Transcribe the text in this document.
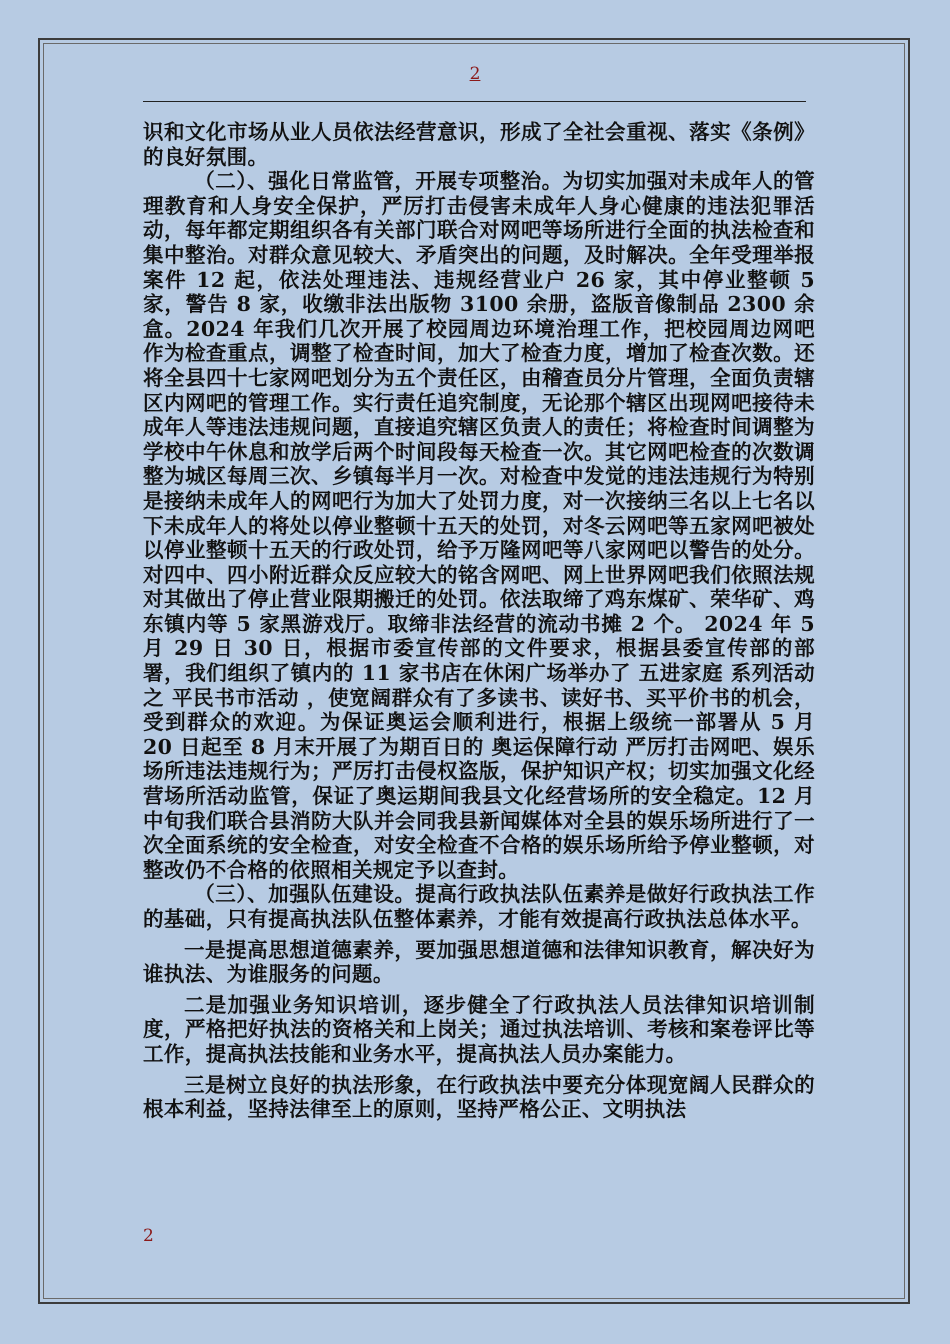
2

识和文化市场从业人员依法经营意识，形成了全社会重视、落实《条例》的良好氛围。

（二）、强化日常监管，开展专项整治。为切实加强对未成年人的管理教育和人身安全保护，严厉打击侵害未成年人身心健康的违法犯罪活动，每年都定期组织各有关部门联合对网吧等场所进行全面的执法检查和集中整治。对群众意见较大、矛盾突出的问题，及时解决。全年受理举报案件 12 起，依法处理违法、违规经营业户 26 家，其中停业整顿 5 家，警告 8 家，收缴非法出版物 3100 余册，盗版音像制品 2300 余盒。2024 年我们几次开展了校园周边环境治理工作，把校园周边网吧作为检查重点，调整了检查时间，加大了检查力度，增加了检查次数。还将全县四十七家网吧划分为五个责任区，由稽查员分片管理，全面负责辖区内网吧的管理工作。实行责任追究制度，无论那个辖区出现网吧接待未成年人等违法违规问题，直接追究辖区负责人的责任；将检查时间调整为学校中午休息和放学后两个时间段每天检查一次。其它网吧检查的次数调整为城区每周三次、乡镇每半月一次。对检查中发觉的违法违规行为特别是接纳未成年人的网吧行为加大了处罚力度，对一次接纳三名以上七名以下未成年人的将处以停业整顿十五天的处罚，对冬云网吧等五家网吧被处以停业整顿十五天的行政处罚，给予万隆网吧等八家网吧以警告的处分。对四中、四小附近群众反应较大的铭含网吧、网上世界网吧我们依照法规对其做出了停止营业限期搬迁的处罚。依法取缔了鸡东煤矿、荣华矿、鸡东镇内等 5 家黑游戏厅。取缔非法经营的流动书摊 2 个。 2024 年 5 月 29 日 30 日，根据市委宣传部的文件要求，根据县委宣传部的部署，我们组织了镇内的 11 家书店在休闲广场举办了 五进家庭 系列活动之 平民书市活动 ，使宽阔群众有了多读书、读好书、买平价书的机会，受到群众的欢迎。为保证奥运会顺利进行，根据上级统一部署从 5 月 20 日起至 8 月末开展了为期百日的 奥运保障行动 严厉打击网吧、娱乐场所违法违规行为；严厉打击侵权盗版，保护知识产权；切实加强文化经营场所活动监管，保证了奥运期间我县文化经营场所的安全稳定。12 月中旬我们联合县消防大队并会同我县新闻媒体对全县的娱乐场所进行了一次全面系统的安全检查，对安全检查不合格的娱乐场所给予停业整顿，对整改仍不合格的依照相关规定予以查封。

（三）、加强队伍建设。提高行政执法队伍素养是做好行政执法工作的基础，只有提高执法队伍整体素养，才能有效提高行政执法总体水平。

一是提高思想道德素养，要加强思想道德和法律知识教育，解决好为谁执法、为谁服务的问题。

二是加强业务知识培训，逐步健全了行政执法人员法律知识培训制度，严格把好执法的资格关和上岗关；通过执法培训、考核和案卷评比等工作，提高执法技能和业务水平，提高执法人员办案能力。

三是树立良好的执法形象，在行政执法中要充分体现宽阔人民群众的根本利益，坚持法律至上的原则，坚持严格公正、文明执法

2
